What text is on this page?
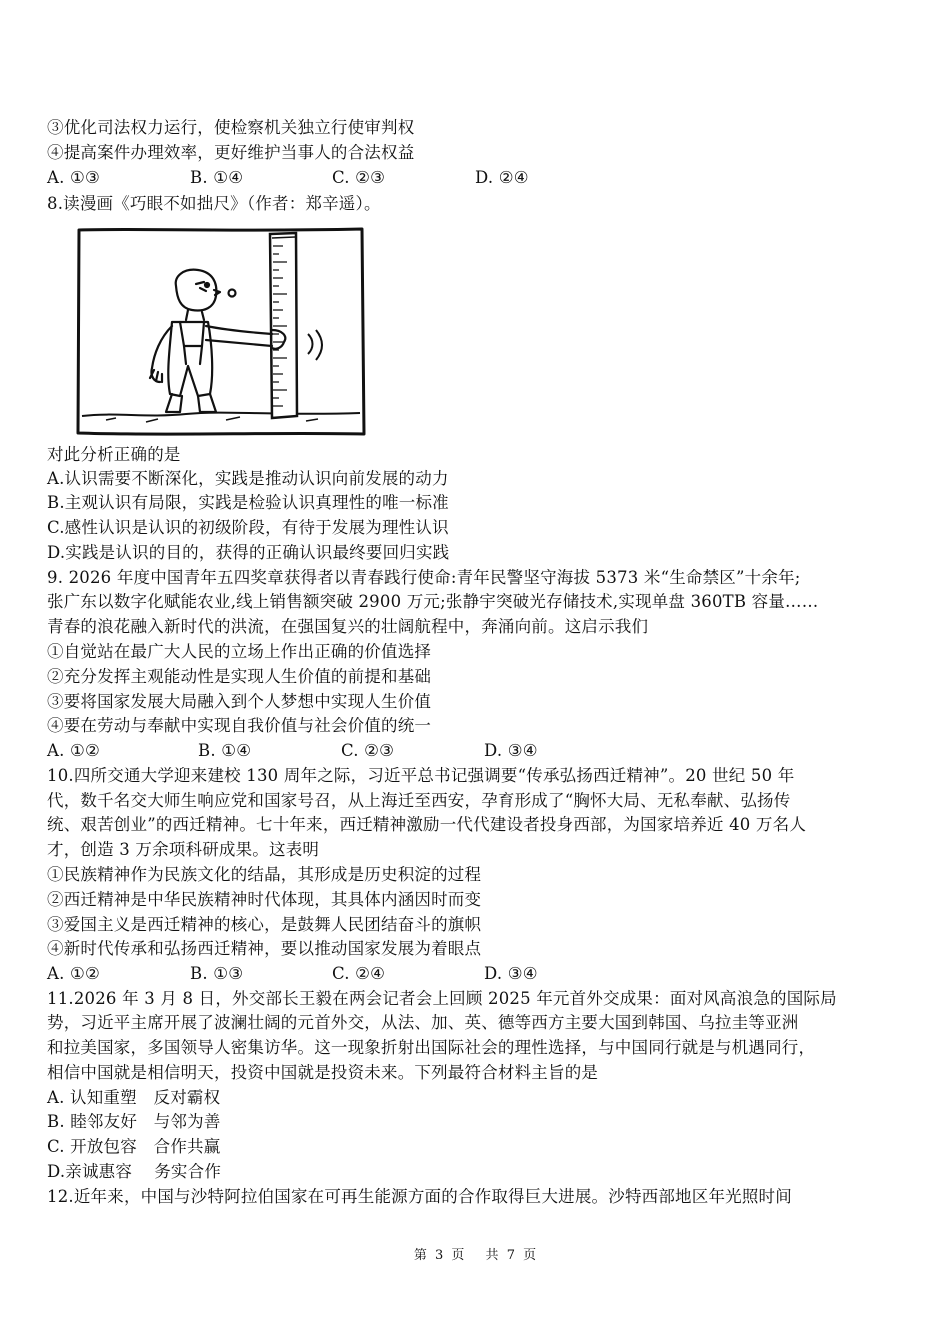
③优化司法权力运行，使检察机关独立行使审判权
④提高案件办理效率，更好维护当事人的合法权益
A. ①③	B. ①④	C. ②③	D. ②④
8.读漫画《巧眼不如拙尺》（作者：郑辛遥）。
对此分析正确的是
A.认识需要不断深化，实践是推动认识向前发展的动力
B.主观认识有局限，实践是检验认识真理性的唯一标准
C.感性认识是认识的初级阶段，有待于发展为理性认识
D.实践是认识的目的，获得的正确认识最终要回归实践
9. 2026 年度中国青年五四奖章获得者以青春践行使命:青年民警坚守海拔 5373 米“生命禁区”十余年;
张广东以数字化赋能农业,线上销售额突破 2900 万元;张静宇突破光存储技术,实现单盘 360TB 容量……
青春的浪花融入新时代的洪流，在强国复兴的壮阔航程中，奔涌向前。这启示我们
①自觉站在最广大人民的立场上作出正确的价值选择
②充分发挥主观能动性是实现人生价值的前提和基础
③要将国家发展大局融入到个人梦想中实现人生价值
④要在劳动与奉献中实现自我价值与社会价值的统一
A. ①②	B. ①④	C. ②③	D. ③④
10.四所交通大学迎来建校 130 周年之际，习近平总书记强调要“传承弘扬西迁精神”。20 世纪 50 年
代，数千名交大师生响应党和国家号召，从上海迁至西安，孕育形成了“胸怀大局、无私奉献、弘扬传
统、艰苦创业”的西迁精神。七十年来，西迁精神激励一代代建设者投身西部，为国家培养近 40 万名人
才，创造 3 万余项科研成果。这表明
①民族精神作为民族文化的结晶，其形成是历史积淀的过程
②西迁精神是中华民族精神时代体现，其具体内涵因时而变
③爱国主义是西迁精神的核心，是鼓舞人民团结奋斗的旗帜
④新时代传承和弘扬西迁精神，要以推动国家发展为着眼点
A. ①②	B. ①③	C. ②④	D. ③④
11.2026 年 3 月 8 日，外交部长王毅在两会记者会上回顾 2025 年元首外交成果：面对风高浪急的国际局
势，习近平主席开展了波澜壮阔的元首外交，从法、加、英、德等西方主要大国到韩国、乌拉圭等亚洲
和拉美国家，多国领导人密集访华。这一现象折射出国际社会的理性选择，与中国同行就是与机遇同行，
相信中国就是相信明天，投资中国就是投资未来。下列最符合材料主旨的是
A. 认知重塑　反对霸权
B. 睦邻友好　与邻为善
C. 开放包容　合作共赢
D.亲诚惠容　 务实合作
12.近年来，中国与沙特阿拉伯国家在可再生能源方面的合作取得巨大进展。沙特西部地区年光照时间
第 3 页　 共 7 页
